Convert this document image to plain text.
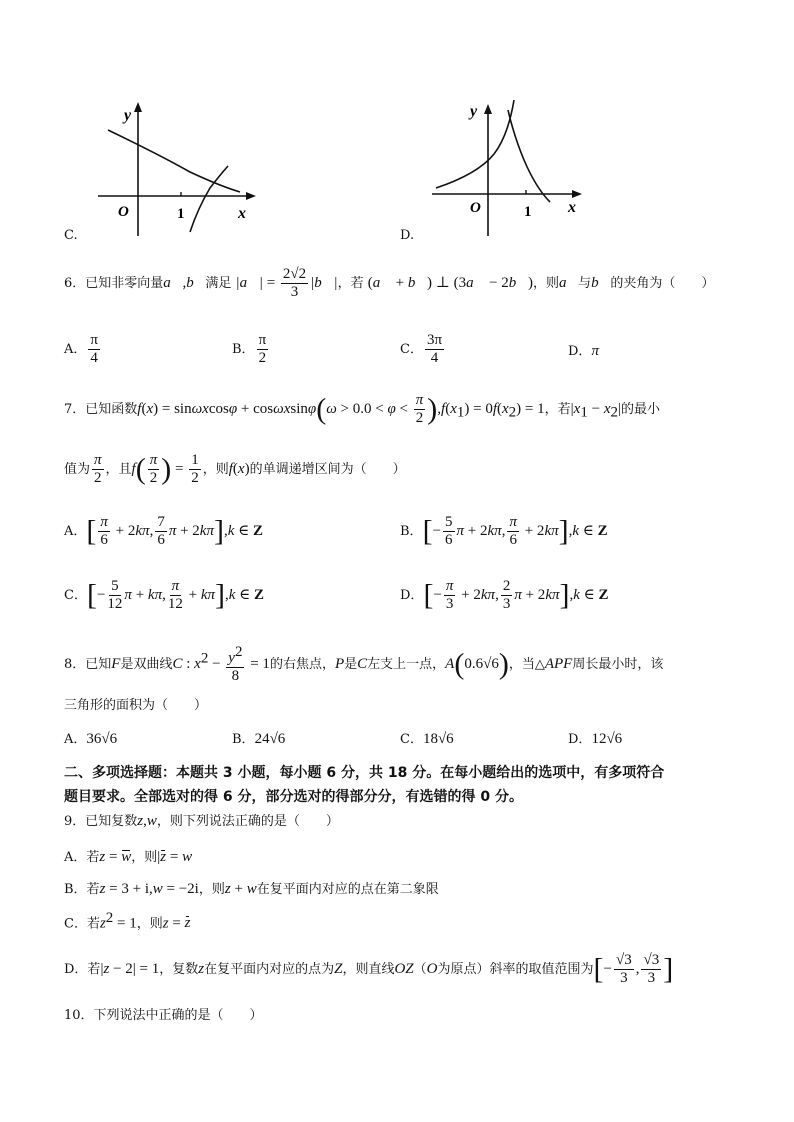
y
x
O	1
C.
y
x
O	1
D.
6．已知非零向量a⃗,b⃗满足 |a⃗| = $\frac{2√2}{3}$ |b⃗|，若 (a⃗ + b⃗) ⊥ (3a⃗ − 2b⃗)，则a⃗与b⃗的夹角为（　　）
A． $\frac{\pi}{4}$	B． $\frac{\pi}{2}$	C． $\frac{3\pi}{4}$	D．π
7．已知函数$f(x) = \sin\omega xcos\varphi + \cos\omega xsin\varphi(\omega > 0.0 < \varphi < \frac{\pi}{2} ),f(x_1) = 0f(x_2) = 1$，若$|x_1 - x_2|$的最小
值为 $\frac{\pi}{2}$ ，且$f( \frac{\pi}{2}$ ) = $\frac{1}{2}$ ，则f(x)的单调递增区间为（　　）
A．[ $\frac{\pi}{6} + 2k\pi$, $\frac{7}{6}$ π + 2kπ],k ∈ Z	B．[− $\frac{5}{6}$ π + 2kπ, $\frac{\pi}{6} + 2k\pi],k$ ∈ Z
C．[− $\frac{5}{12}$ π + kπ, $\frac{\pi}{12} + k\pi],k$ ∈ Z	D．[− $\frac{\pi}{3} + 2k\pi$, $\frac{2}{3}$ π + 2kπ],k ∈ Z
8．已知F是双曲线C : $x^2 - \frac{y^2}{8} = 1$的右焦点，P是C左支上一点，A(0.6√6)，当△APF周长最小时，该
三角形的面积为（　　）
A．36√6	B．24√6	C．18√6	D．12√6
二、多项选择题：本题共 3 小题，每小题 6 分，共 18 分。在每小题给出的选项中，有多项符合
题目要求。全部选对的得 6 分，部分选对的得部分分，有选错的得 0 分。
9．已知复数z,w，则下列说法正确的是（　　）
A．若z = w，则|z = w
B．若z = 3 + i,w = −2i，则z + w在复平面内对应的点在第二象限
C．若$z^2 = 1$，则z = z
D．若|z − 2| = 1，复数z在复平面内对应的点为Z，则直线OZ（O为原点）斜率的取值范围为[− $\frac{√3}{3}$ , $\frac{√3}{3}$ ]
10．下列说法中正确的是（　　）
